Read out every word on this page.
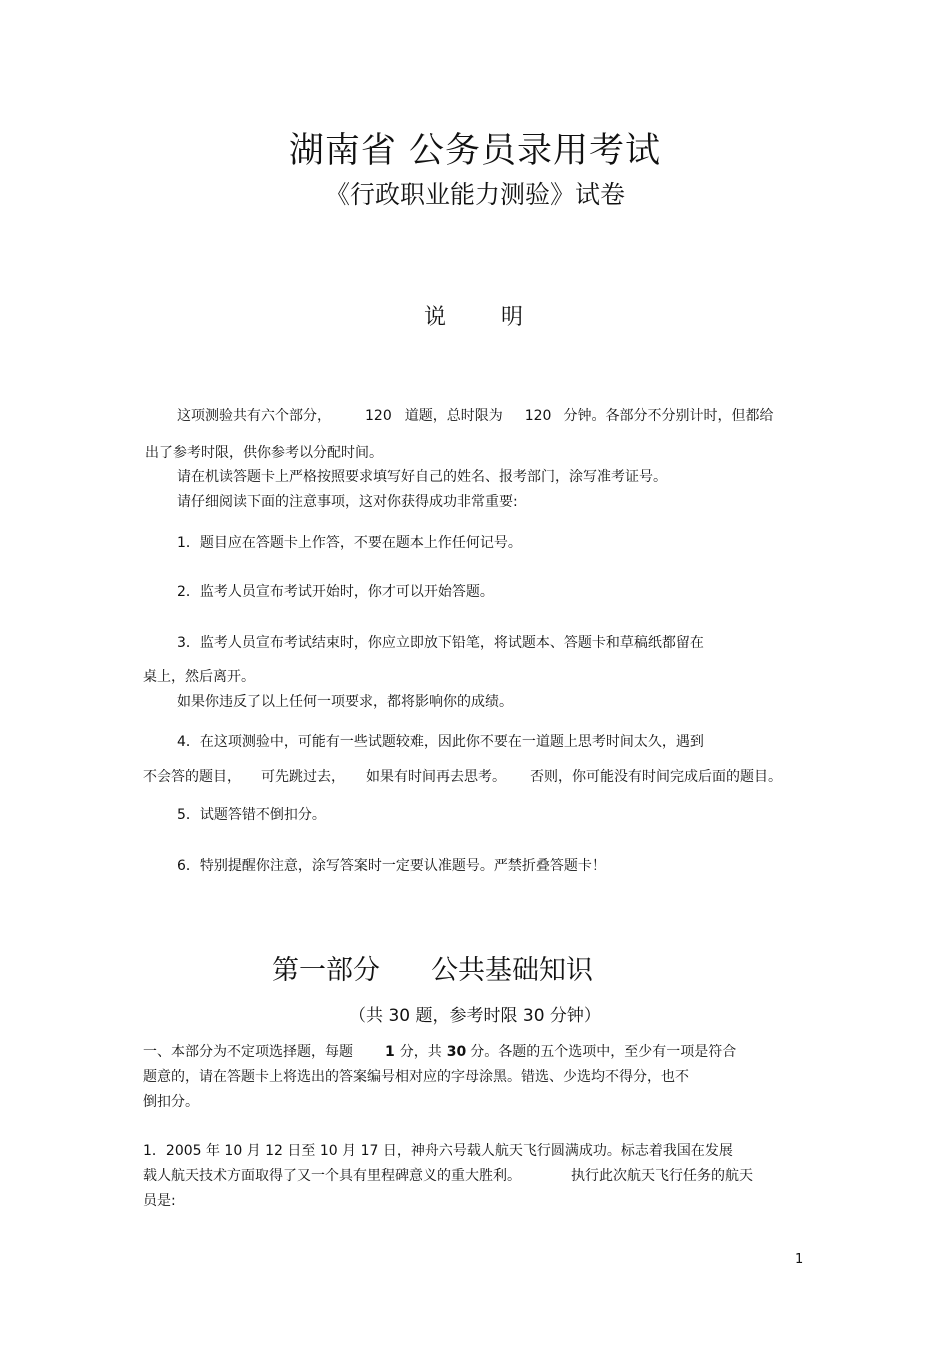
湖南省 公务员录用考试
《行政职业能力测验》试卷
说 明
这项测验共有六个部分， 120 道题，总时限为 120 分钟。各部分不分别计时，但都给
出了参考时限，供你参考以分配时间。
请在机读答题卡上严格按照要求填写好自己的姓名、报考部门，涂写准考证号。
请仔细阅读下面的注意事项，这对你获得成功非常重要:
1．题目应在答题卡上作答，不要在题本上作任何记号。
2．监考人员宣布考试开始时，你才可以开始答题。
3．监考人员宣布考试结束时，你应立即放下铅笔，将试题本、答题卡和草稿纸都留在
桌上，然后离开。
如果你违反了以上任何一项要求，都将影响你的成绩。
4．在这项测验中，可能有一些试题较难，因此你不要在一道题上思考时间太久，遇到
不会答的题目， 可先跳过去， 如果有时间再去思考。 否则，你可能没有时间完成后面的题目。
5．试题答错不倒扣分。
6．特别提醒你注意，涂写答案时一定要认准题号。严禁折叠答题卡！
第一部分 公共基础知识
（共 30 题，参考时限 30 分钟）
一、本部分为不定项选择题，每题 1 分，共 30 分。各题的五个选项中，至少有一项是符合
题意的，请在答题卡上将选出的答案编号相对应的字母涂黑。错选、少选均不得分，也不
倒扣分。
1．2005 年 10 月 12 日至 10 月 17 日，神舟六号载人航天飞行圆满成功。标志着我国在发展
载人航天技术方面取得了又一个具有里程碑意义的重大胜利。	执行此次航天飞行任务的航天
员是:
1
